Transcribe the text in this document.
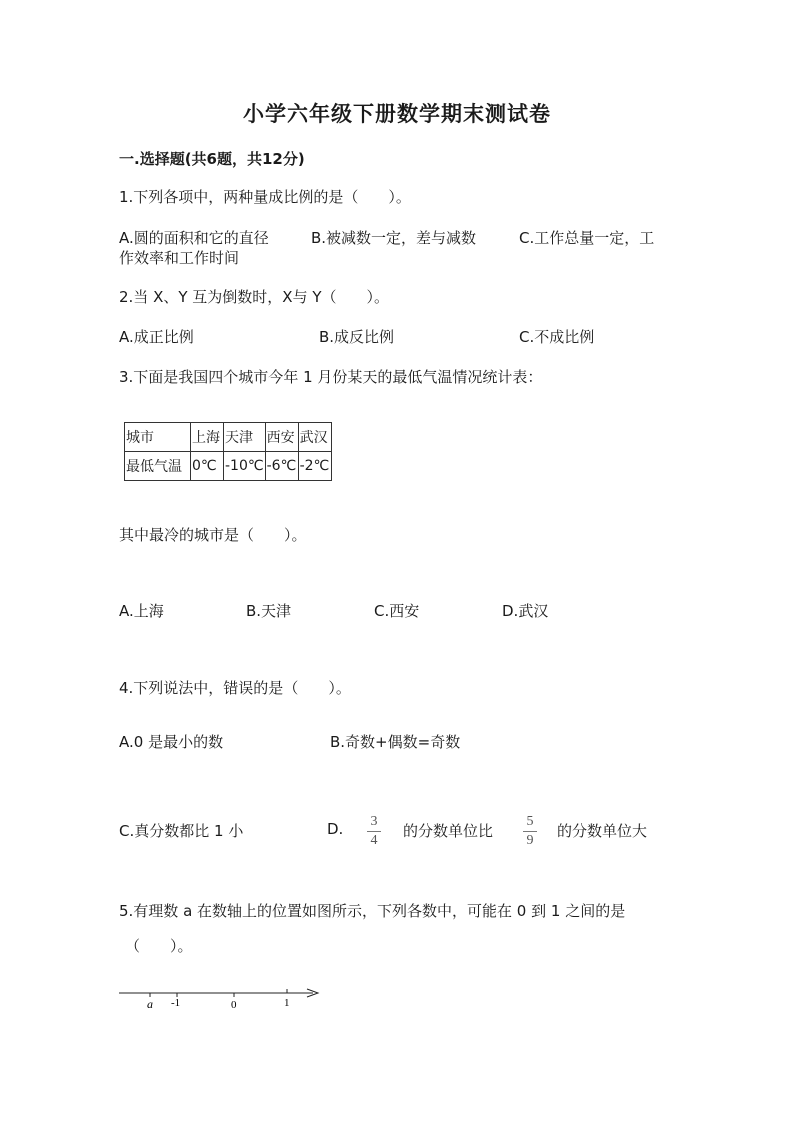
小学六年级下册数学期末测试卷
一.选择题(共6题，共12分)
1.下列各项中，两种量成比例的是（　　）。
A.圆的面积和它的直径	B.被减数一定，差与减数	C.工作总量一定，工
作效率和工作时间
2.当 X、Y 互为倒数时，X与 Y（　　）。
A.成正比例	B.成反比例	C.不成比例
3.下面是我国四个城市今年 1 月份某天的最低气温情况统计表：
城市	上海	天津	西安	武汉
最低气温	0℃	-10℃	-6℃	-2℃
其中最冷的城市是（　　）。
A.上海	B.天津	C.西安	D.武汉
4.下列说法中，错误的是（　　）。
A.0 是最小的数	B.奇数+偶数=奇数
C.真分数都比 1 小	D. 3
4
的分数单位比
5
9
的分数单位大
5.有理数 a 在数轴上的位置如图所示，下列各数中，可能在 0 到 1 之间的是
（　　）。
a -1	0	1
